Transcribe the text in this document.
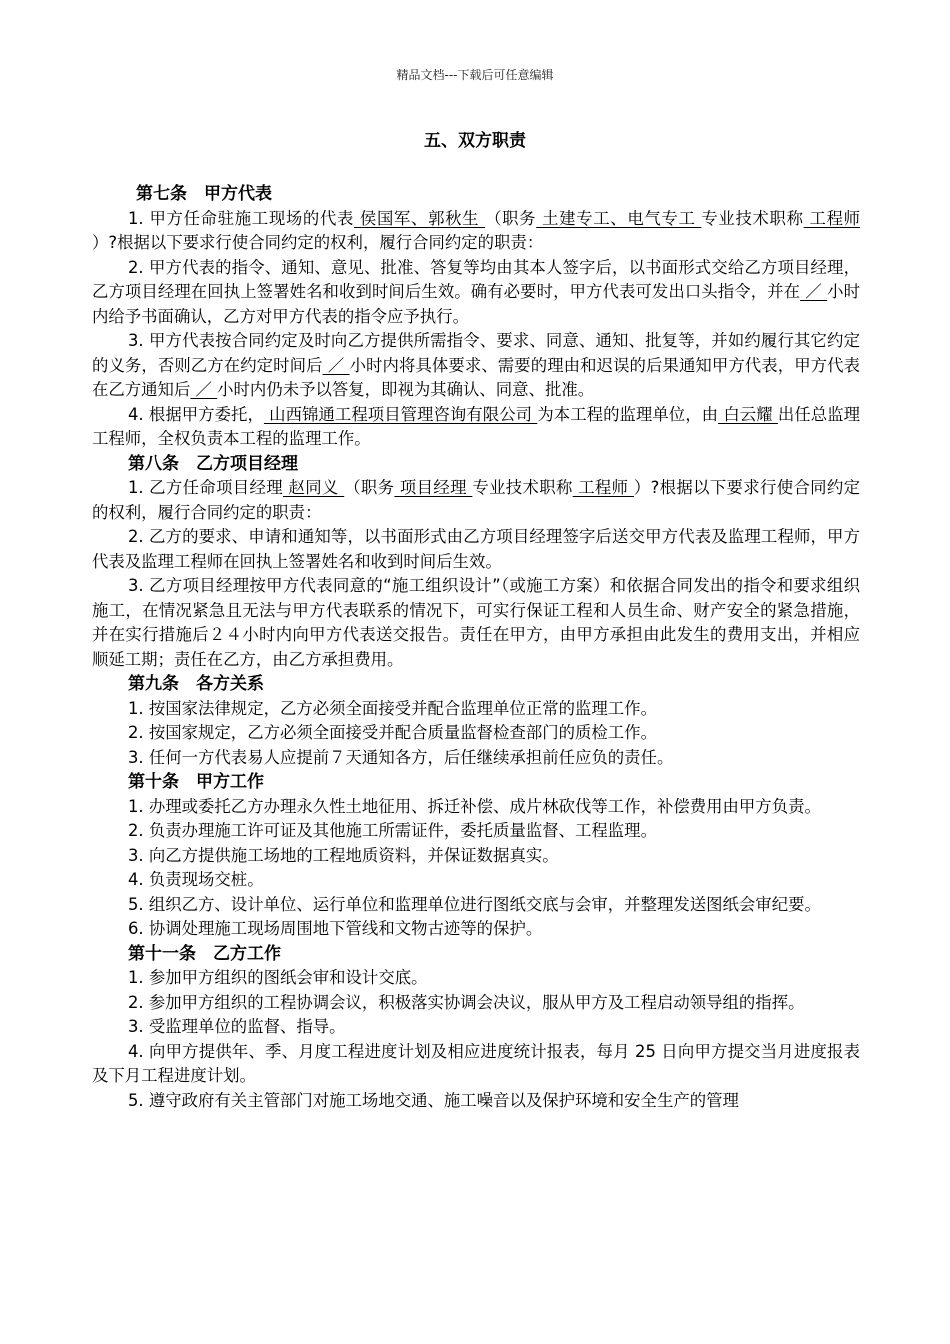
精品文档---下载后可任意编辑
五、双方职责
第七条　甲方代表
1. 甲方任命驻施工现场的代表 侯国军、郭秋生 （职务 土建专工、电气专工 专业技术职称 工程师 ）?根据以下要求行使合同约定的权利，履行合同约定的职责：
2. 甲方代表的指令、通知、意见、批准、答复等均由其本人签字后，以书面形式交给乙方项目经理，乙方项目经理在回执上签署姓名和收到时间后生效。确有必要时，甲方代表可发出口头指令，并在 ／ 小时内给予书面确认，乙方对甲方代表的指令应予执行。
3. 甲方代表按合同约定及时向乙方提供所需指令、要求、同意、通知、批复等，并如约履行其它约定的义务，否则乙方在约定时间后 ／ 小时内将具体要求、需要的理由和迟误的后果通知甲方代表，甲方代表在乙方通知后 ／ 小时内仍未予以答复，即视为其确认、同意、批准。
4. 根据甲方委托， 山西锦通工程项目管理咨询有限公司 为本工程的监理单位，由 白云耀 出任总监理工程师，全权负责本工程的监理工作。
第八条　乙方项目经理
1. 乙方任命项目经理 赵同义 （职务 项目经理 专业技术职称 工程师 ）?根据以下要求行使合同约定的权利，履行合同约定的职责：
2. 乙方的要求、申请和通知等，以书面形式由乙方项目经理签字后送交甲方代表及监理工程师，甲方代表及监理工程师在回执上签署姓名和收到时间后生效。
3. 乙方项目经理按甲方代表同意的“施工组织设计”（或施工方案）和依据合同发出的指令和要求组织施工，在情况紧急且无法与甲方代表联系的情况下，可实行保证工程和人员生命、财产安全的紧急措施，并在实行措施后２４小时内向甲方代表送交报告。责任在甲方，由甲方承担由此发生的费用支出，并相应顺延工期；责任在乙方，由乙方承担费用。
第九条　各方关系
1. 按国家法律规定，乙方必须全面接受并配合监理单位正常的监理工作。
2. 按国家规定，乙方必须全面接受并配合质量监督检查部门的质检工作。
3. 任何一方代表易人应提前７天通知各方，后任继续承担前任应负的责任。
第十条　甲方工作
1. 办理或委托乙方办理永久性土地征用、拆迁补偿、成片林砍伐等工作，补偿费用由甲方负责。
2. 负责办理施工许可证及其他施工所需证件，委托质量监督、工程监理。
3. 向乙方提供施工场地的工程地质资料，并保证数据真实。
4. 负责现场交桩。
5. 组织乙方、设计单位、运行单位和监理单位进行图纸交底与会审，并整理发送图纸会审纪要。
6. 协调处理施工现场周围地下管线和文物古迹等的保护。
第十一条　乙方工作
1. 参加甲方组织的图纸会审和设计交底。
2. 参加甲方组织的工程协调会议，积极落实协调会决议，服从甲方及工程启动领导组的指挥。
3. 受监理单位的监督、指导。
4. 向甲方提供年、季、月度工程进度计划及相应进度统计报表，每月 25 日向甲方提交当月进度报表及下月工程进度计划。
5. 遵守政府有关主管部门对施工场地交通、施工噪音以及保护环境和安全生产的管理
